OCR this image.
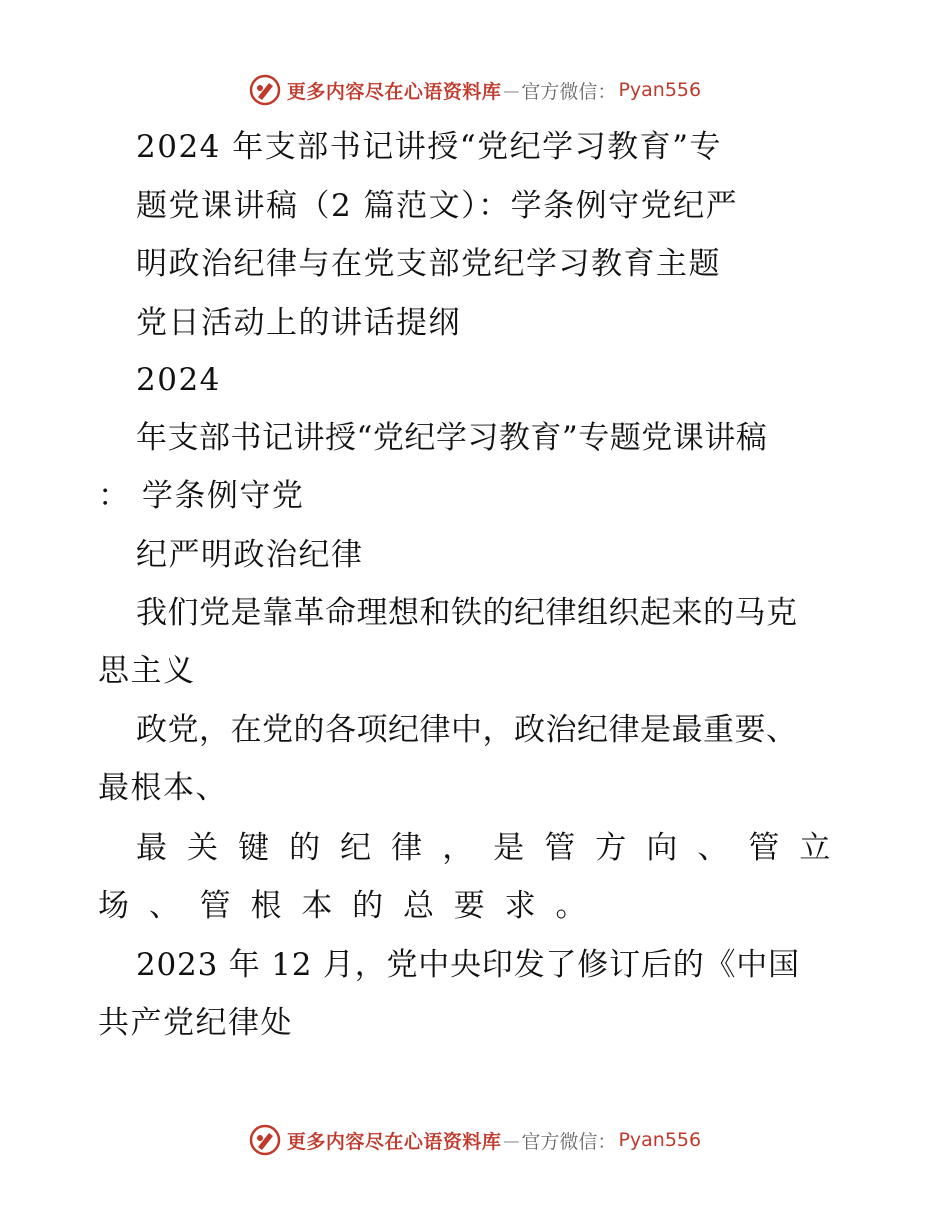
更多内容尽在心语资料库 — 官方微信： Pyan556
2024 年支部书记讲授“党纪学习教育”专
题党课讲稿（2 篇范文）：学条例守党纪严
明政治纪律与在党支部党纪学习教育主题
党日活动上的讲话提纲
2024
年支部书记讲授“党纪学习教育”专题党课讲稿
： 学条例守党
纪严明政治纪律
我们党是靠革命理想和铁的纪律组织起来的马克
思主义
政党，在党的各项纪律中，政治纪律是最重要、
最根本、
最 关 键 的 纪 律 ， 是 管 方 向 、 管 立
场 、 管 根 本 的 总 要 求 。
2023 年 12 月，党中央印发了修订后的《中国
共产党纪律处
更多内容尽在心语资料库 — 官方微信： Pyan556
